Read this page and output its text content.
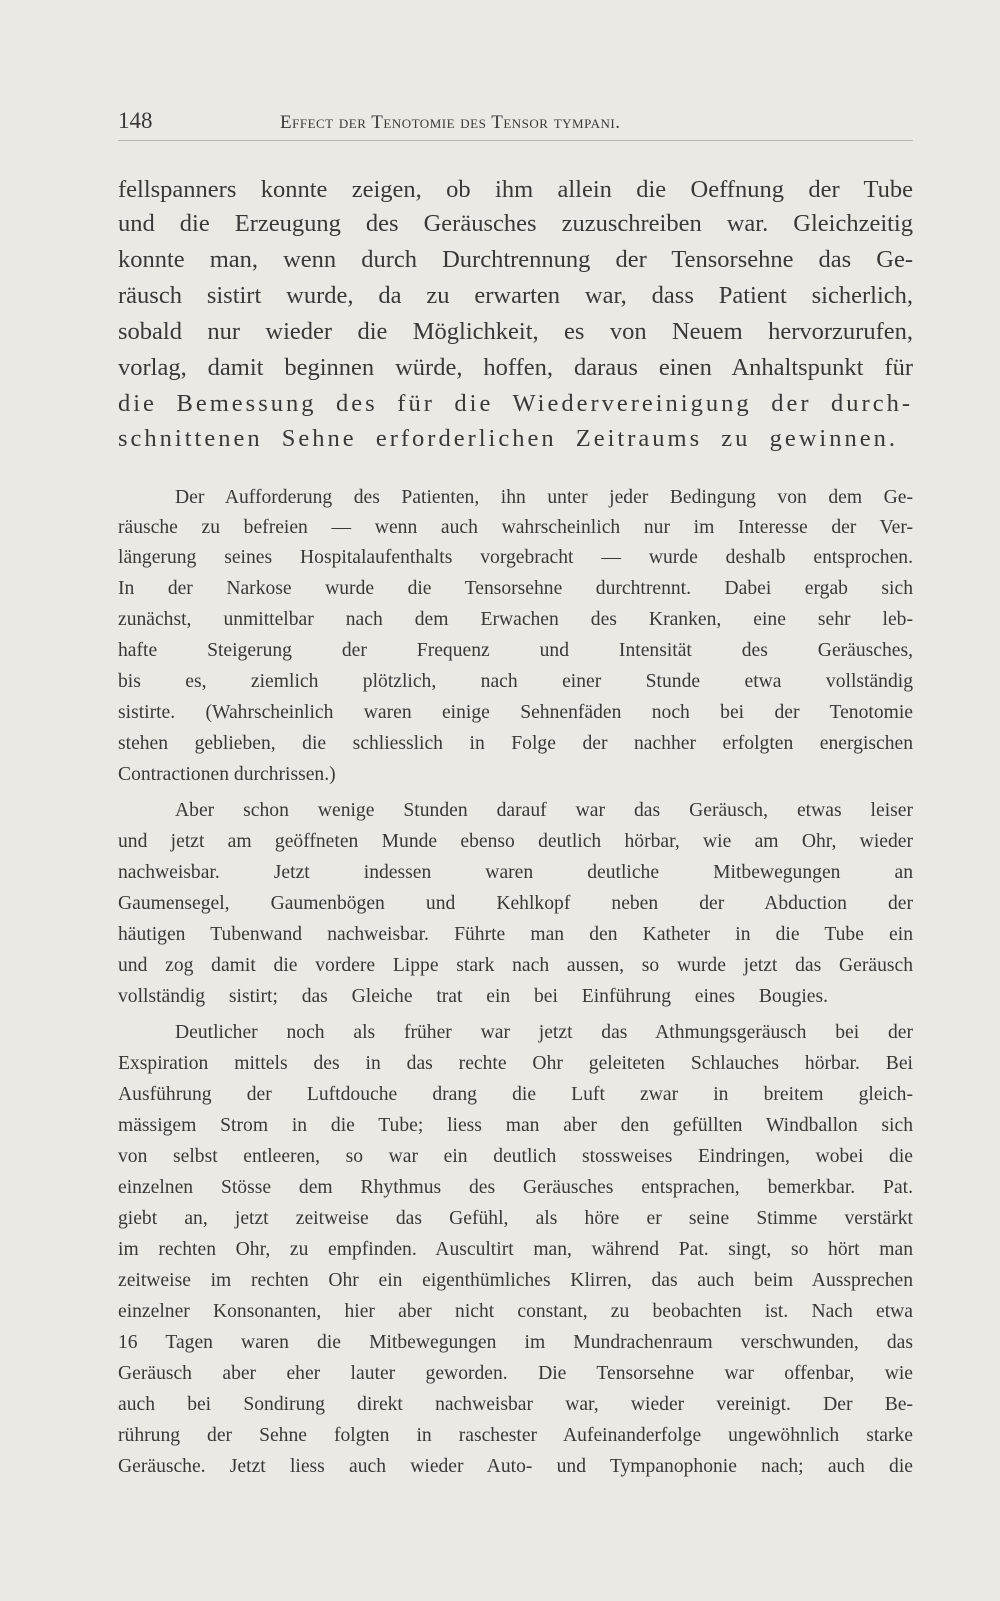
148	Effect der Tenotomie des Tensor tympani.
fellspanners konnte zeigen, ob ihm allein die Oeffnung der Tube
und die Erzeugung des Geräusches zuzuschreiben war. Gleichzeitig
konnte man, wenn durch Durchtrennung der Tensorsehne das Ge-
räusch sistirt wurde, da zu erwarten war, dass Patient sicherlich,
sobald nur wieder die Möglichkeit, es von Neuem hervorzurufen,
vorlag, damit beginnen würde, hoffen, daraus einen Anhaltspunkt für
die Bemessung des für die Wiedervereinigung der durch-
schnittenen Sehne erforderlichen Zeitraums zu gewinnen.
Der Aufforderung des Patienten, ihn unter jeder Bedingung von dem Ge-
räusche zu befreien — wenn auch wahrscheinlich nur im Interesse der Ver-
längerung seines Hospitalaufenthalts vorgebracht — wurde deshalb entsprochen.
In der Narkose wurde die Tensorsehne durchtrennt. Dabei ergab sich
zunächst, unmittelbar nach dem Erwachen des Kranken, eine sehr leb-
hafte Steigerung der Frequenz und Intensität des Geräusches,
bis es, ziemlich plötzlich, nach einer Stunde etwa vollständig
sistirte. (Wahrscheinlich waren einige Sehnenfäden noch bei der Tenotomie
stehen geblieben, die schliesslich in Folge der nachher erfolgten energischen
Contractionen durchrissen.)
Aber schon wenige Stunden darauf war das Geräusch, etwas leiser
und jetzt am geöffneten Munde ebenso deutlich hörbar, wie am Ohr, wieder
nachweisbar. Jetzt indessen waren deutliche Mitbewegungen an
Gaumensegel, Gaumenbögen und Kehlkopf neben der Abduction der
häutigen Tubenwand nachweisbar. Führte man den Katheter in die Tube ein
und zog damit die vordere Lippe stark nach aussen, so wurde jetzt das Geräusch
vollständig sistirt; das Gleiche trat ein bei Einführung eines Bougies.
Deutlicher noch als früher war jetzt das Athmungsgeräusch bei der
Exspiration mittels des in das rechte Ohr geleiteten Schlauches hörbar. Bei
Ausführung der Luftdouche drang die Luft zwar in breitem gleich-
mässigem Strom in die Tube; liess man aber den gefüllten Windballon sich
von selbst entleeren, so war ein deutlich stossweises Eindringen, wobei die
einzelnen Stösse dem Rhythmus des Geräusches entsprachen, bemerkbar. Pat.
giebt an, jetzt zeitweise das Gefühl, als höre er seine Stimme verstärkt
im rechten Ohr, zu empfinden. Auscultirt man, während Pat. singt, so hört man
zeitweise im rechten Ohr ein eigenthümliches Klirren, das auch beim Aussprechen
einzelner Konsonanten, hier aber nicht constant, zu beobachten ist. Nach etwa
16 Tagen waren die Mitbewegungen im Mundrachenraum verschwunden, das
Geräusch aber eher lauter geworden. Die Tensorsehne war offenbar, wie
auch bei Sondirung direkt nachweisbar war, wieder vereinigt. Der Be-
rührung der Sehne folgten in raschester Aufeinanderfolge ungewöhnlich starke
Geräusche. Jetzt liess auch wieder Auto- und Tympanophonie nach; auch die
